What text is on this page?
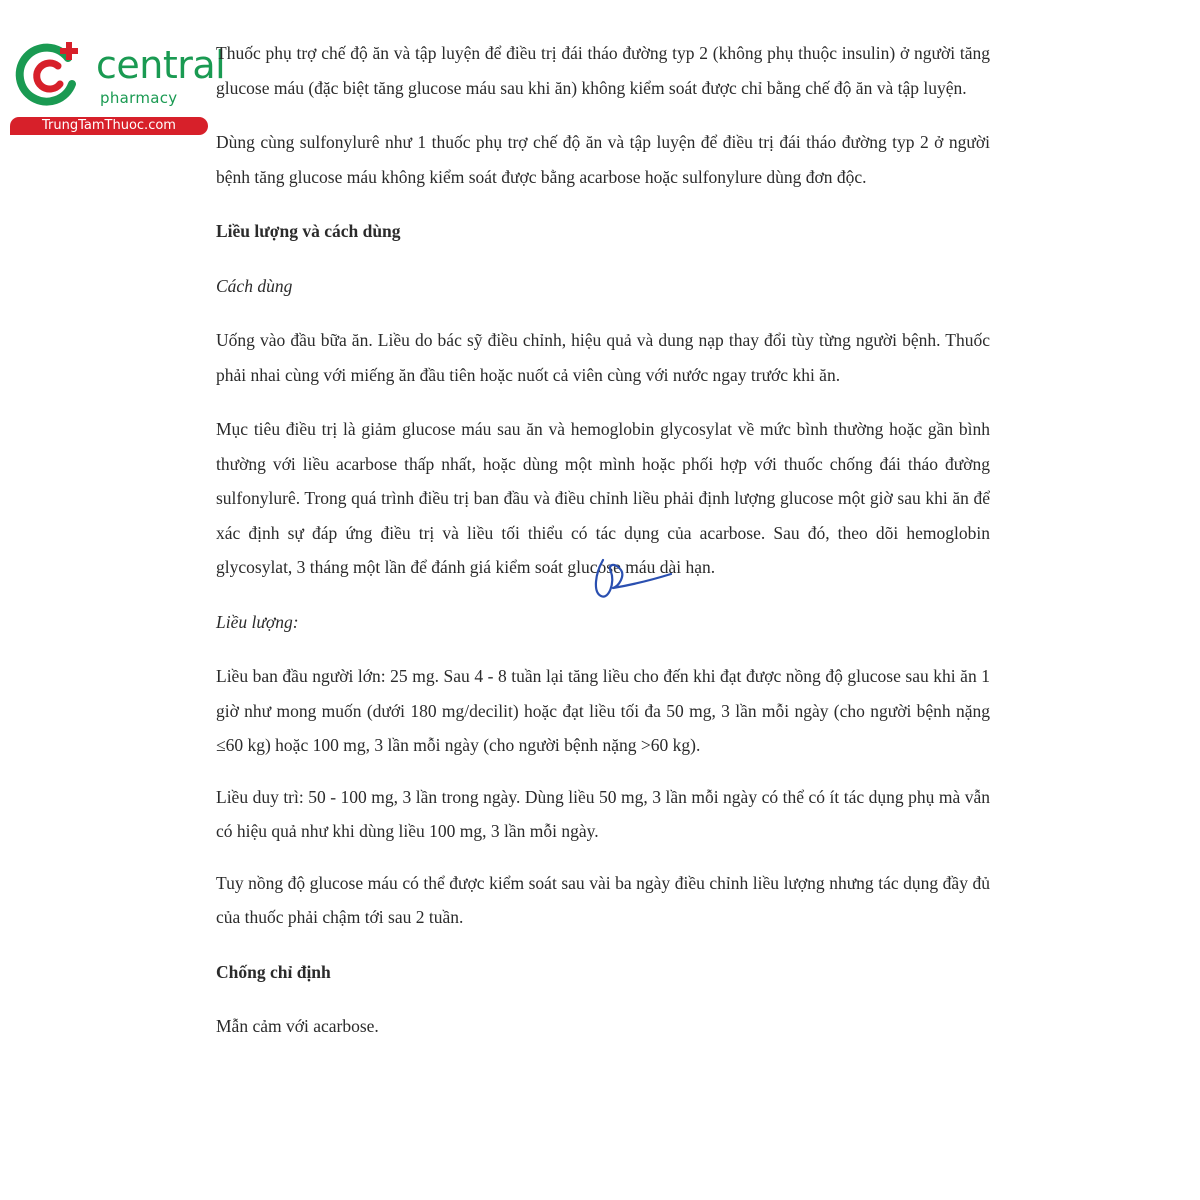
central
pharmacy
TrungTamThuoc.com

Thuốc phụ trợ chế độ ăn và tập luyện để điều trị đái tháo đường typ 2 (không phụ thuộc insulin) ở người tăng glucose máu (đặc biệt tăng glucose máu sau khi ăn) không kiểm soát được chỉ bằng chế độ ăn và tập luyện.

Dùng cùng sulfonylurê như 1 thuốc phụ trợ chế độ ăn và tập luyện để điều trị đái tháo đường typ 2 ở người bệnh tăng glucose máu không kiểm soát được bằng acarbose hoặc sulfonylure dùng đơn độc.

Liều lượng và cách dùng

Cách dùng

Uống vào đầu bữa ăn. Liều do bác sỹ điều chỉnh, hiệu quả và dung nạp thay đổi tùy từng người bệnh. Thuốc phải nhai cùng với miếng ăn đầu tiên hoặc nuốt cả viên cùng với nước ngay trước khi ăn.

Mục tiêu điều trị là giảm glucose máu sau ăn và hemoglobin glycosylat về mức bình thường hoặc gần bình thường với liều acarbose thấp nhất, hoặc dùng một mình hoặc phối hợp với thuốc chống đái tháo đường sulfonylurê. Trong quá trình điều trị ban đầu và điều chỉnh liều phải định lượng glucose một giờ sau khi ăn để xác định sự đáp ứng điều trị và liều tối thiểu có tác dụng của acarbose. Sau đó, theo dõi hemoglobin glycosylat, 3 tháng một lần để đánh giá kiểm soát glucose máu dài hạn.

Liều lượng:

Liều ban đầu người lớn: 25 mg. Sau 4 - 8 tuần lại tăng liều cho đến khi đạt được nồng độ glucose sau khi ăn 1 giờ như mong muốn (dưới 180 mg/decilit) hoặc đạt liều tối đa 50 mg, 3 lần mỗi ngày (cho người bệnh nặng ≤60 kg) hoặc 100 mg, 3 lần mỗi ngày (cho người bệnh nặng >60 kg).

Liều duy trì: 50 - 100 mg, 3 lần trong ngày. Dùng liều 50 mg, 3 lần mỗi ngày có thể có ít tác dụng phụ mà vẫn có hiệu quả như khi dùng liều 100 mg, 3 lần mỗi ngày.

Tuy nồng độ glucose máu có thể được kiểm soát sau vài ba ngày điều chỉnh liều lượng nhưng tác dụng đầy đủ của thuốc phải chậm tới sau 2 tuần.

Chống chỉ định

Mẫn cảm với acarbose.
